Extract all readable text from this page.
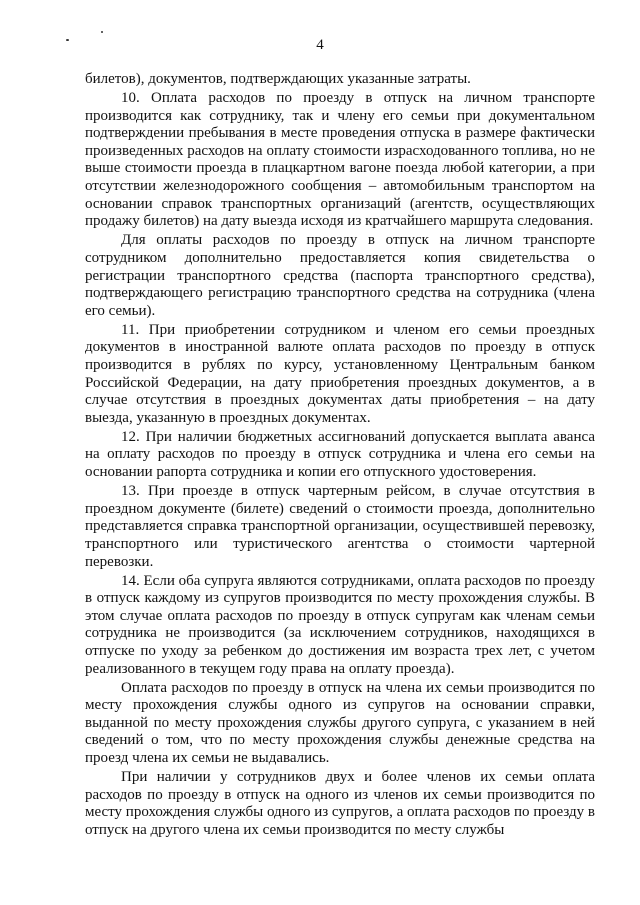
4

билетов), документов, подтверждающих указанные затраты.

10. Оплата расходов по проезду в отпуск на личном транспорте производится как сотруднику, так и члену его семьи при документальном подтверждении пребывания в месте проведения отпуска в размере фактически произведенных расходов на оплату стоимости израсходованного топлива, но не выше стоимости проезда в плацкартном вагоне поезда любой категории, а при отсутствии железнодорожного сообщения – автомобильным транспортом на основании справок транспортных организаций (агентств, осуществляющих продажу билетов) на дату выезда исходя из кратчайшего маршрута следования.

Для оплаты расходов по проезду в отпуск на личном транспорте сотрудником дополнительно предоставляется копия свидетельства о регистрации транспортного средства (паспорта транспортного средства), подтверждающего регистрацию транспортного средства на сотрудника (члена его семьи).

11. При приобретении сотрудником и членом его семьи проездных документов в иностранной валюте оплата расходов по проезду в отпуск производится в рублях по курсу, установленному Центральным банком Российской Федерации, на дату приобретения проездных документов, а в случае отсутствия в проездных документах даты приобретения – на дату выезда, указанную в проездных документах.

12. При наличии бюджетных ассигнований допускается выплата аванса на оплату расходов по проезду в отпуск сотрудника и члена его семьи на основании рапорта сотрудника и копии его отпускного удостоверения.

13. При проезде в отпуск чартерным рейсом, в случае отсутствия в проездном документе (билете) сведений о стоимости проезда, дополнительно представляется справка транспортной организации, осуществившей перевозку, транспортного или туристического агентства о стоимости чартерной перевозки.

14. Если оба супруга являются сотрудниками, оплата расходов по проезду в отпуск каждому из супругов производится по месту прохождения службы. В этом случае оплата расходов по проезду в отпуск супругам как членам семьи сотрудника не производится (за исключением сотрудников, находящихся в отпуске по уходу за ребенком до достижения им возраста трех лет, с учетом реализованного в текущем году права на оплату проезда).

Оплата расходов по проезду в отпуск на члена их семьи производится по месту прохождения службы одного из супругов на основании справки, выданной по месту прохождения службы другого супруга, с указанием в ней сведений о том, что по месту прохождения службы денежные средства на проезд члена их семьи не выдавались.

При наличии у сотрудников двух и более членов их семьи оплата расходов по проезду в отпуск на одного из членов их семьи производится по месту прохождения службы одного из супругов, а оплата расходов по проезду в отпуск на другого члена их семьи производится по месту службы
